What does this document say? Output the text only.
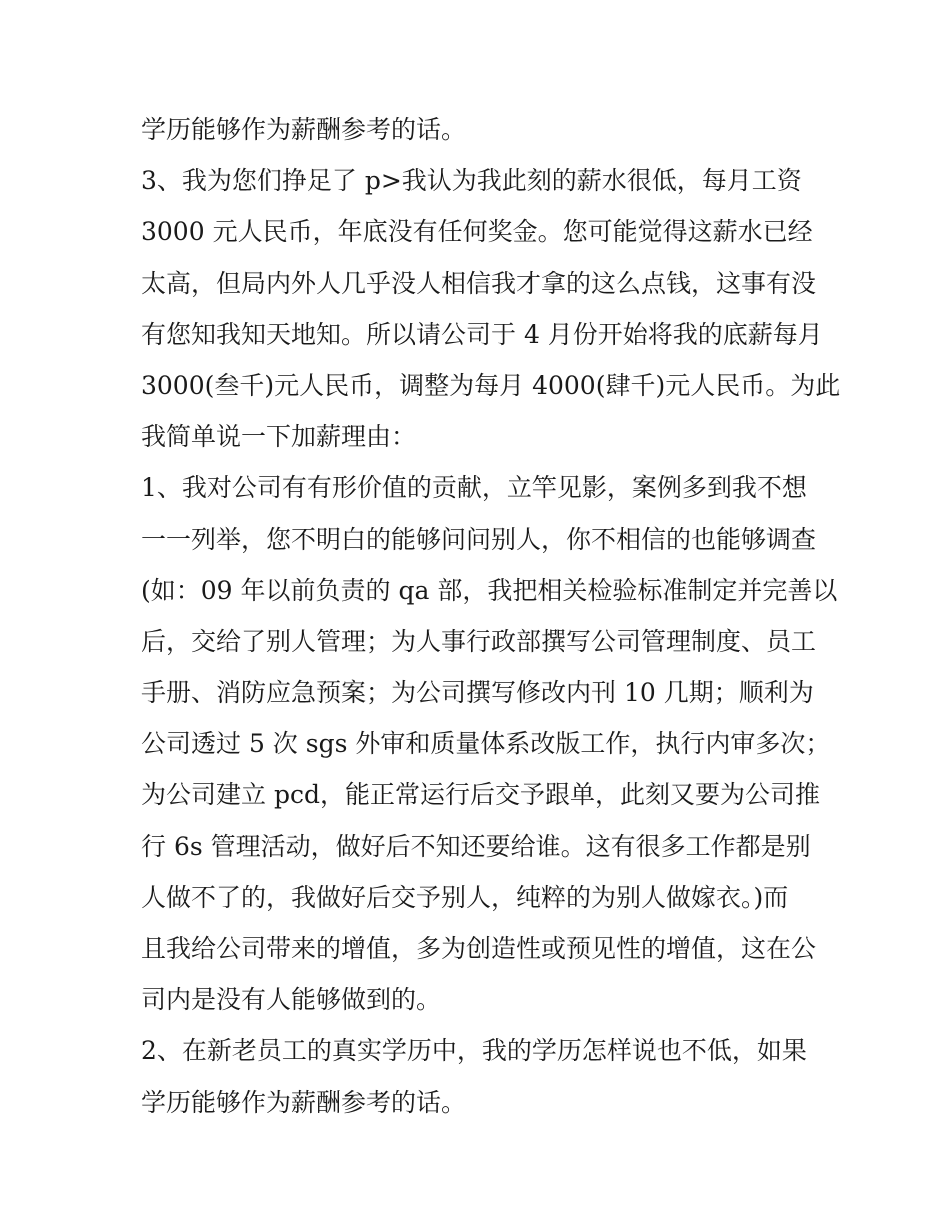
学历能够作为薪酬参考的话。

3、我为您们挣足了 p>我认为我此刻的薪水很低，每月工资

3000 元人民币，年底没有任何奖金。您可能觉得这薪水已经

太高，但局内外人几乎没人相信我才拿的这么点钱，这事有没

有您知我知天地知。所以请公司于 4 月份开始将我的底薪每月

3000(叁千)元人民币，调整为每月 4000(肆千)元人民币。为此

我简单说一下加薪理由：

1、我对公司有有形价值的贡献，立竿见影，案例多到我不想

一一列举，您不明白的能够问问别人，你不相信的也能够调查

(如：09 年以前负责的 qa 部，我把相关检验标准制定并完善以

后，交给了别人管理；为人事行政部撰写公司管理制度、员工

手册、消防应急预案；为公司撰写修改内刊 10 几期；顺利为

公司透过 5 次 sgs 外审和质量体系改版工作，执行内审多次；

为公司建立 pcd，能正常运行后交予跟单，此刻又要为公司推

行 6s 管理活动，做好后不知还要给谁。这有很多工作都是别

人做不了的，我做好后交予别人，纯粹的为别人做嫁衣。)而

且我给公司带来的增值，多为创造性或预见性的增值，这在公

司内是没有人能够做到的。

2、在新老员工的真实学历中，我的学历怎样说也不低，如果

学历能够作为薪酬参考的话。
